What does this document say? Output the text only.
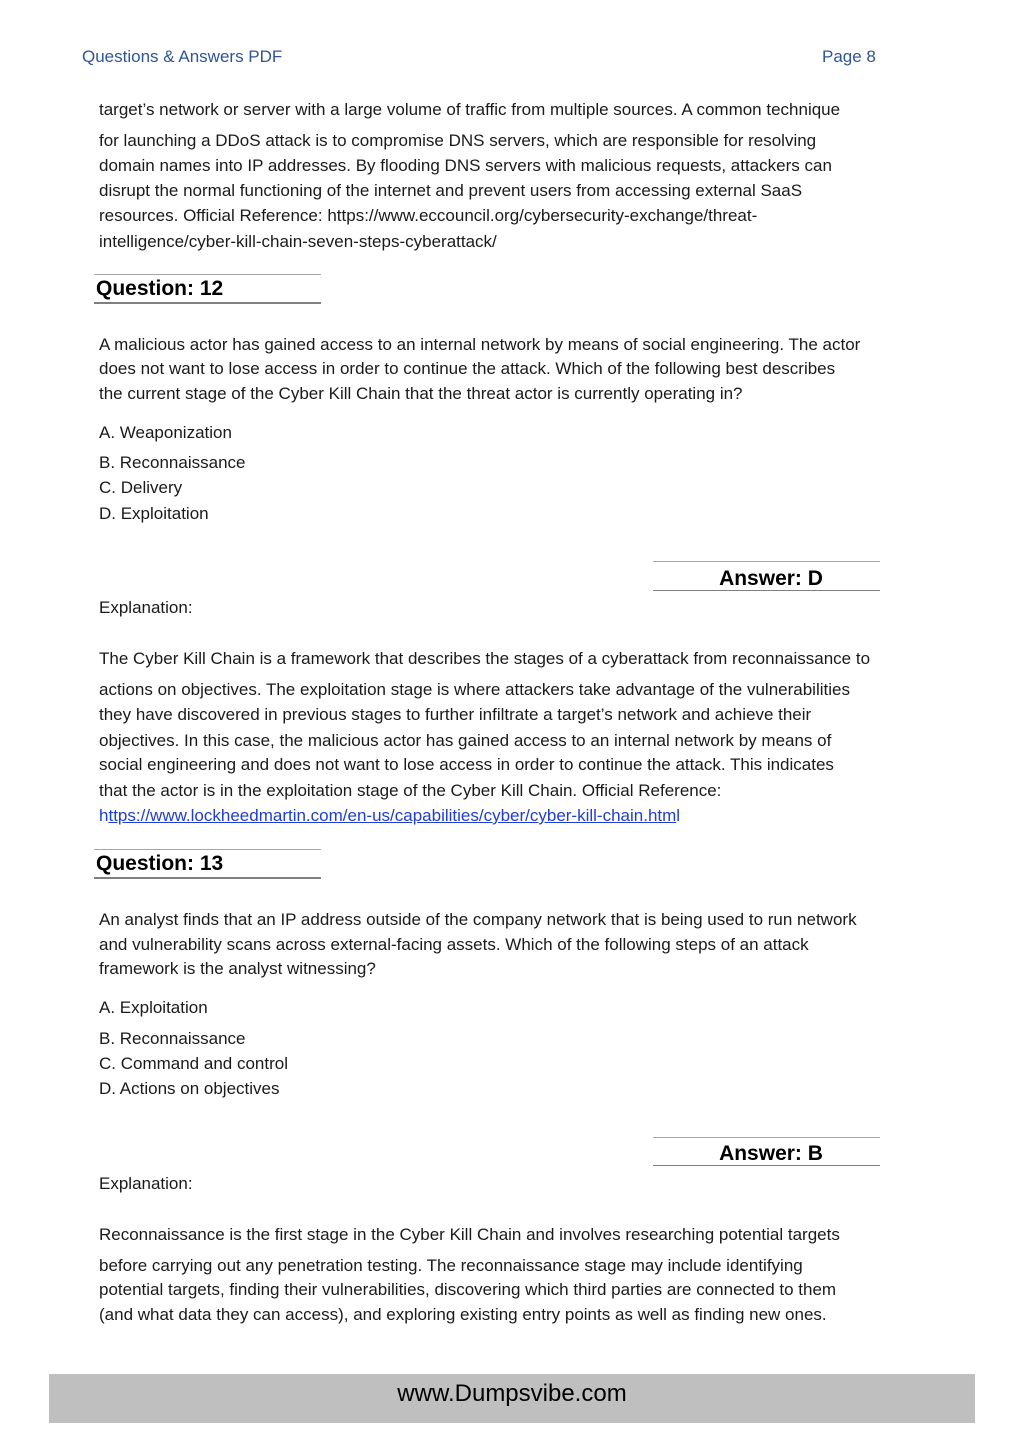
Questions & Answers PDF	Page 8
target’s network or server with a large volume of traffic from multiple sources. A common technique
for launching a DDoS attack is to compromise DNS servers, which are responsible for resolving
domain names into IP addresses. By flooding DNS servers with malicious requests, attackers can
disrupt the normal functioning of the internet and prevent users from accessing external SaaS
resources. Official Reference: https://www.eccouncil.org/cybersecurity-exchange/threat-
intelligence/cyber-kill-chain-seven-steps-cyberattack/
Question: 12
A malicious actor has gained access to an internal network by means of social engineering. The actor
does not want to lose access in order to continue the attack. Which of the following best describes
the current stage of the Cyber Kill Chain that the threat actor is currently operating in?
A. Weaponization
B. Reconnaissance
C. Delivery
D. Exploitation
Answer: D
Explanation:
The Cyber Kill Chain is a framework that describes the stages of a cyberattack from reconnaissance to
actions on objectives. The exploitation stage is where attackers take advantage of the vulnerabilities
they have discovered in previous stages to further infiltrate a target’s network and achieve their
objectives. In this case, the malicious actor has gained access to an internal network by means of
social engineering and does not want to lose access in order to continue the attack. This indicates
that the actor is in the exploitation stage of the Cyber Kill Chain. Official Reference:
https://www.lockheedmartin.com/en-us/capabilities/cyber/cyber-kill-chain.html
Question: 13
An analyst finds that an IP address outside of the company network that is being used to run network
and vulnerability scans across external-facing assets. Which of the following steps of an attack
framework is the analyst witnessing?
A. Exploitation
B. Reconnaissance
C. Command and control
D. Actions on objectives
Answer: B
Explanation:
Reconnaissance is the first stage in the Cyber Kill Chain and involves researching potential targets
before carrying out any penetration testing. The reconnaissance stage may include identifying
potential targets, finding their vulnerabilities, discovering which third parties are connected to them
(and what data they can access), and exploring existing entry points as well as finding new ones.
www.Dumpsvibe.com
